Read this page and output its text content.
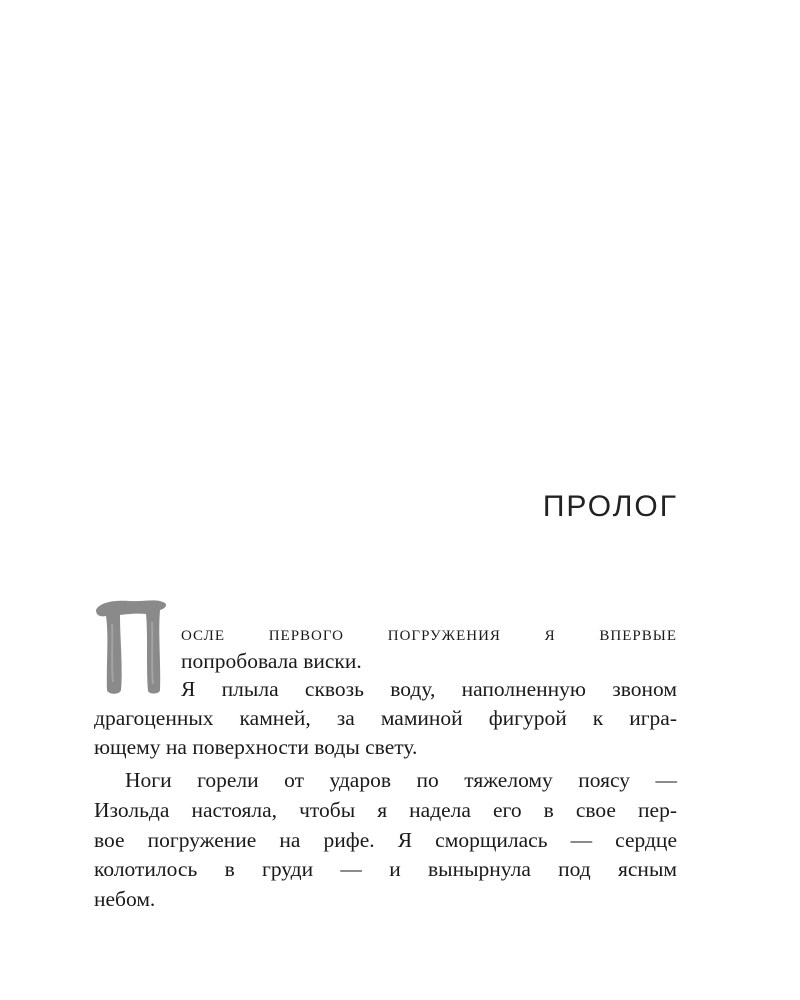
ПРОЛОГ
осле первого погружения я впервые
попробовала виски.
Я плыла сквозь воду, наполненную звоном
драгоценных камней, за маминой фигурой к игра-
ющему на поверхности воды свету.
Ноги горели от ударов по тяжелому поясу —
Изольда настояла, чтобы я надела его в свое пер-
вое погружение на рифе. Я сморщилась — сердце
колотилось в груди — и вынырнула под ясным
небом.
